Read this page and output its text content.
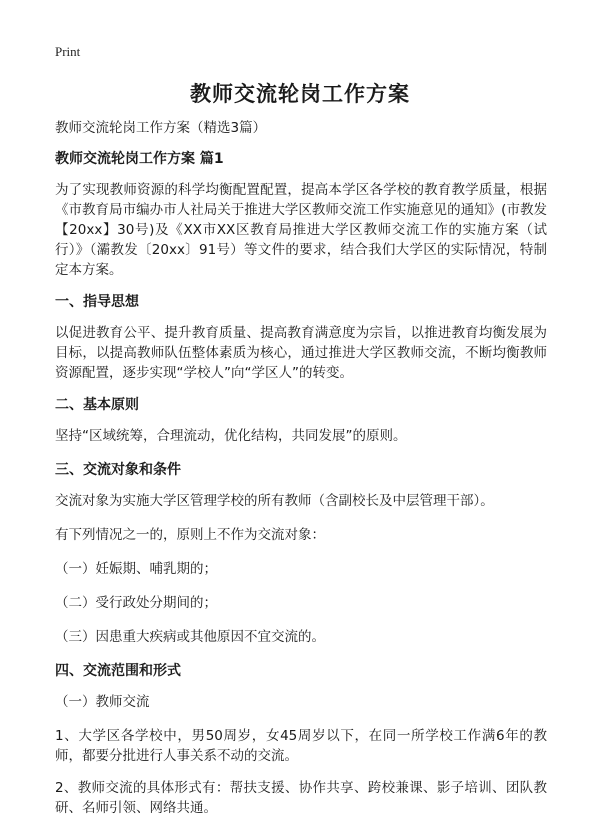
Print
教师交流轮岗工作方案

教师交流轮岗工作方案（精选3篇）

教师交流轮岗工作方案 篇1

为了实现教师资源的科学均衡配置配置，提高本学区各学校的教育教学质量，根据《市教育局市编办市人社局关于推进大学区教师交流工作实施意见的通知》(市教发【20xx】30号)及《XX市XX区教育局推进大学区教师交流工作的实施方案（试行）》（灞教发〔20xx〕91号）等文件的要求，结合我们大学区的实际情况，特制定本方案。

一、指导思想

以促进教育公平、提升教育质量、提高教育满意度为宗旨，以推进教育均衡发展为目标，以提高教师队伍整体素质为核心，通过推进大学区教师交流，不断均衡教师资源配置，逐步实现“学校人”向“学区人”的转变。

二、基本原则

坚持“区域统筹，合理流动，优化结构，共同发展”的原则。

三、交流对象和条件

交流对象为实施大学区管理学校的所有教师（含副校长及中层管理干部）。

有下列情况之一的，原则上不作为交流对象：

（一）妊娠期、哺乳期的；

（二）受行政处分期间的；

（三）因患重大疾病或其他原因不宜交流的。

四、交流范围和形式

（一）教师交流

1、大学区各学校中，男50周岁，女45周岁以下，在同一所学校工作满6年的教师，都要分批进行人事关系不动的交流。

2、教师交流的具体形式有：帮扶支援、协作共享、跨校兼课、影子培训、团队教研、名师引领、网络共通。
